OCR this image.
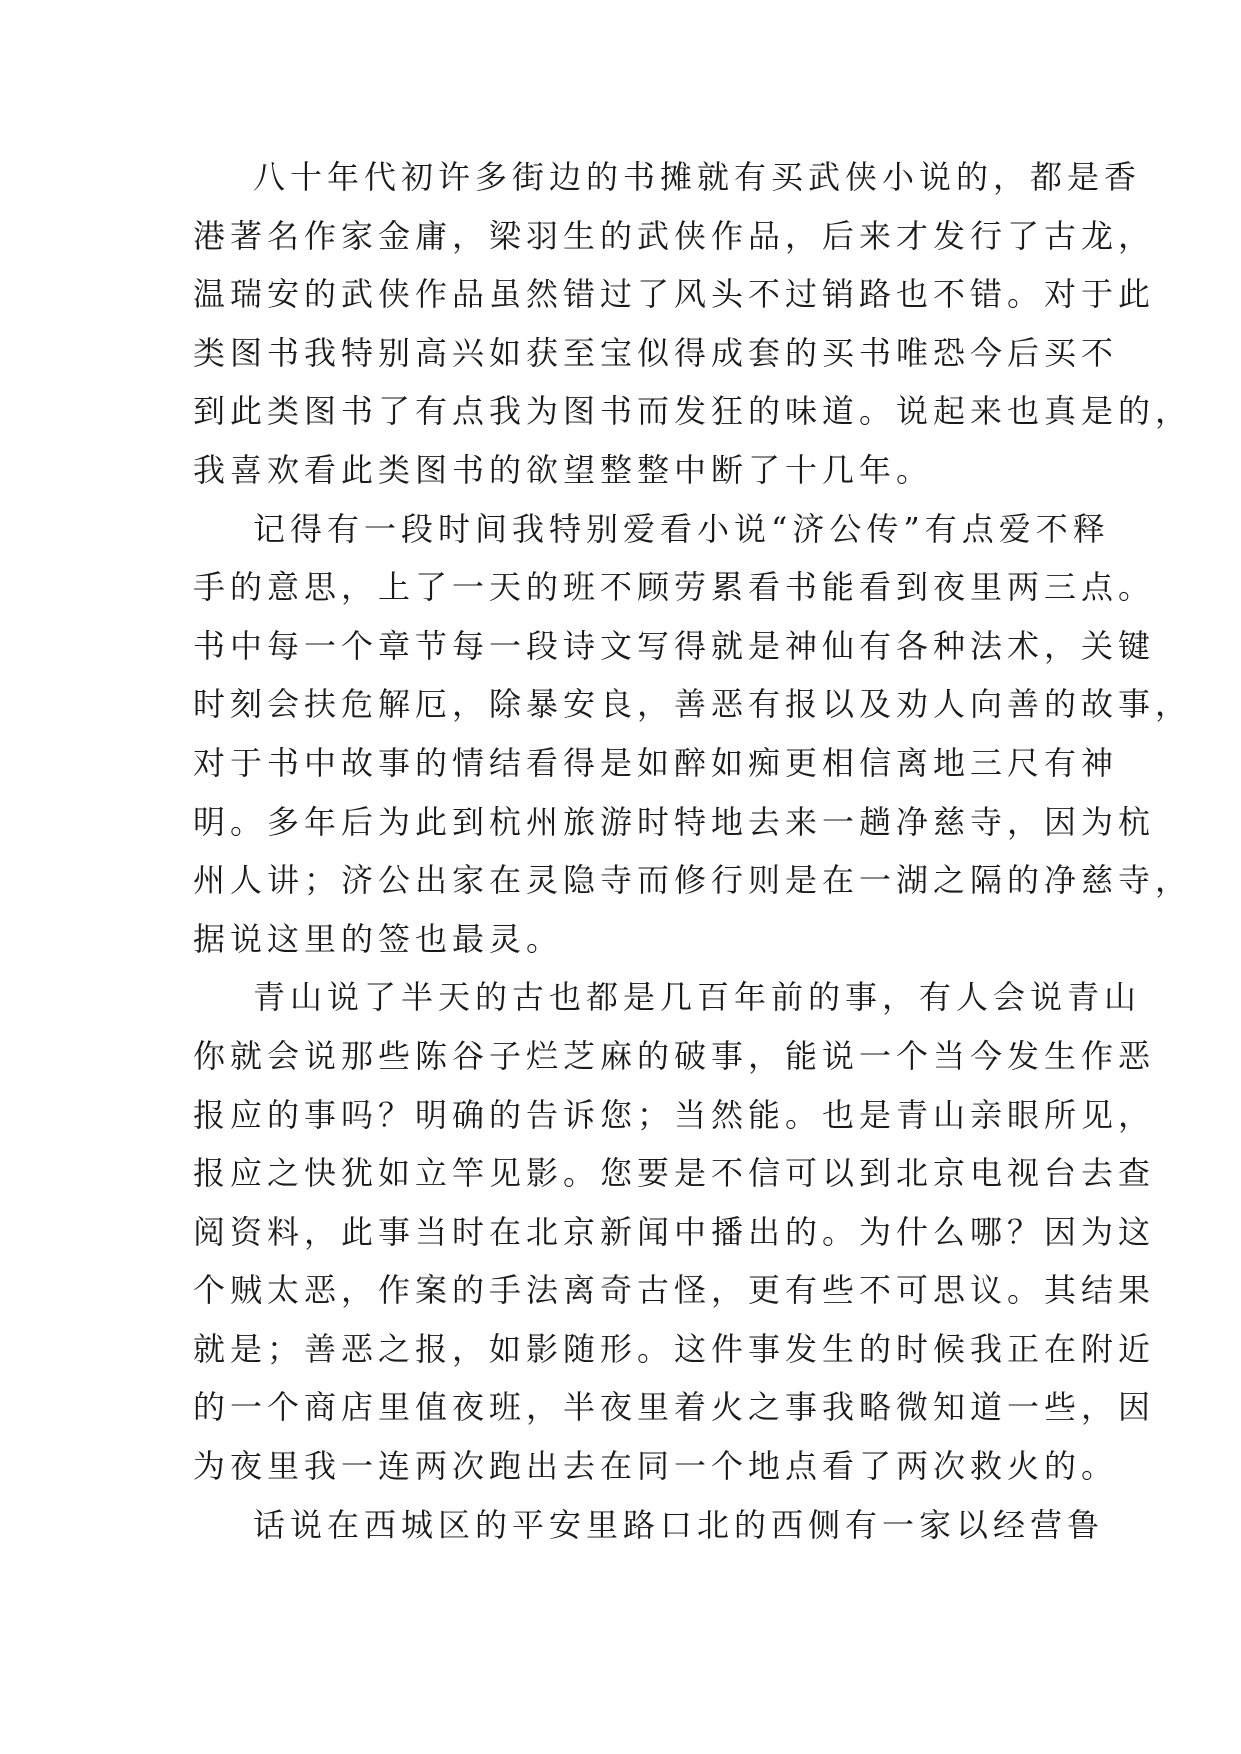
八十年代初许多街边的书摊就有买武侠小说的，都是香
港著名作家金庸，梁羽生的武侠作品，后来才发行了古龙，
温瑞安的武侠作品虽然错过了风头不过销路也不错。对于此
类图书我特别高兴如获至宝似得成套的买书唯恐今后买不
到此类图书了有点我为图书而发狂的味道。说起来也真是的，
我喜欢看此类图书的欲望整整中断了十几年。
记得有一段时间我特别爱看小说“济公传”有点爱不释
手的意思，上了一天的班不顾劳累看书能看到夜里两三点。
书中每一个章节每一段诗文写得就是神仙有各种法术，关键
时刻会扶危解厄，除暴安良，善恶有报以及劝人向善的故事，
对于书中故事的情结看得是如醉如痴更相信离地三尺有神
明。多年后为此到杭州旅游时特地去来一趟净慈寺，因为杭
州人讲；济公出家在灵隐寺而修行则是在一湖之隔的净慈寺，
据说这里的签也最灵。
青山说了半天的古也都是几百年前的事，有人会说青山
你就会说那些陈谷子烂芝麻的破事，能说一个当今发生作恶
报应的事吗？明确的告诉您；当然能。也是青山亲眼所见，
报应之快犹如立竿见影。您要是不信可以到北京电视台去查
阅资料，此事当时在北京新闻中播出的。为什么哪？因为这
个贼太恶，作案的手法离奇古怪，更有些不可思议。其结果
就是；善恶之报，如影随形。这件事发生的时候我正在附近
的一个商店里值夜班，半夜里着火之事我略微知道一些，因
为夜里我一连两次跑出去在同一个地点看了两次救火的。
话说在西城区的平安里路口北的西侧有一家以经营鲁
